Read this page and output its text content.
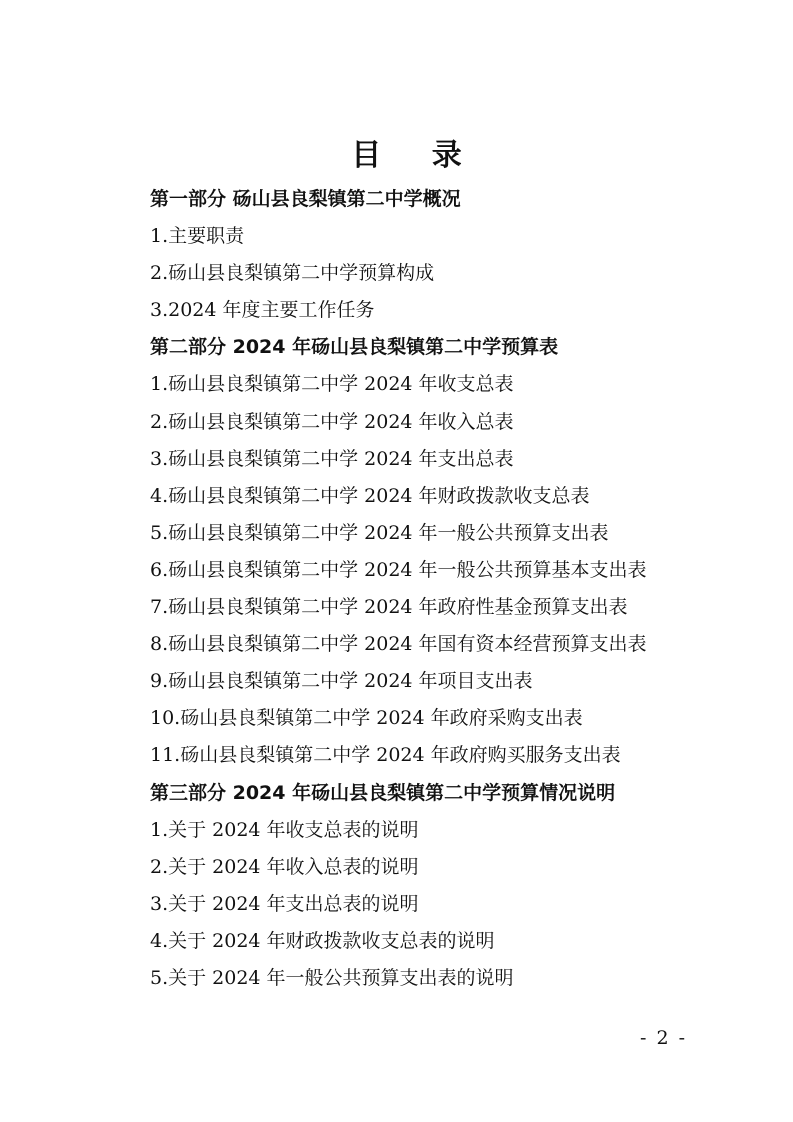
目 录
第一部分 砀山县良梨镇第二中学概况
1.主要职责
2.砀山县良梨镇第二中学预算构成
3.2024 年度主要工作任务
第二部分 2024 年砀山县良梨镇第二中学预算表
1.砀山县良梨镇第二中学 2024 年收支总表
2.砀山县良梨镇第二中学 2024 年收入总表
3.砀山县良梨镇第二中学 2024 年支出总表
4.砀山县良梨镇第二中学 2024 年财政拨款收支总表
5.砀山县良梨镇第二中学 2024 年一般公共预算支出表
6.砀山县良梨镇第二中学 2024 年一般公共预算基本支出表
7.砀山县良梨镇第二中学 2024 年政府性基金预算支出表
8.砀山县良梨镇第二中学 2024 年国有资本经营预算支出表
9.砀山县良梨镇第二中学 2024 年项目支出表
10.砀山县良梨镇第二中学 2024 年政府采购支出表
11.砀山县良梨镇第二中学 2024 年政府购买服务支出表
第三部分 2024 年砀山县良梨镇第二中学预算情况说明
1.关于 2024 年收支总表的说明
2.关于 2024 年收入总表的说明
3.关于 2024 年支出总表的说明
4.关于 2024 年财政拨款收支总表的说明
5.关于 2024 年一般公共预算支出表的说明
- 2 -
